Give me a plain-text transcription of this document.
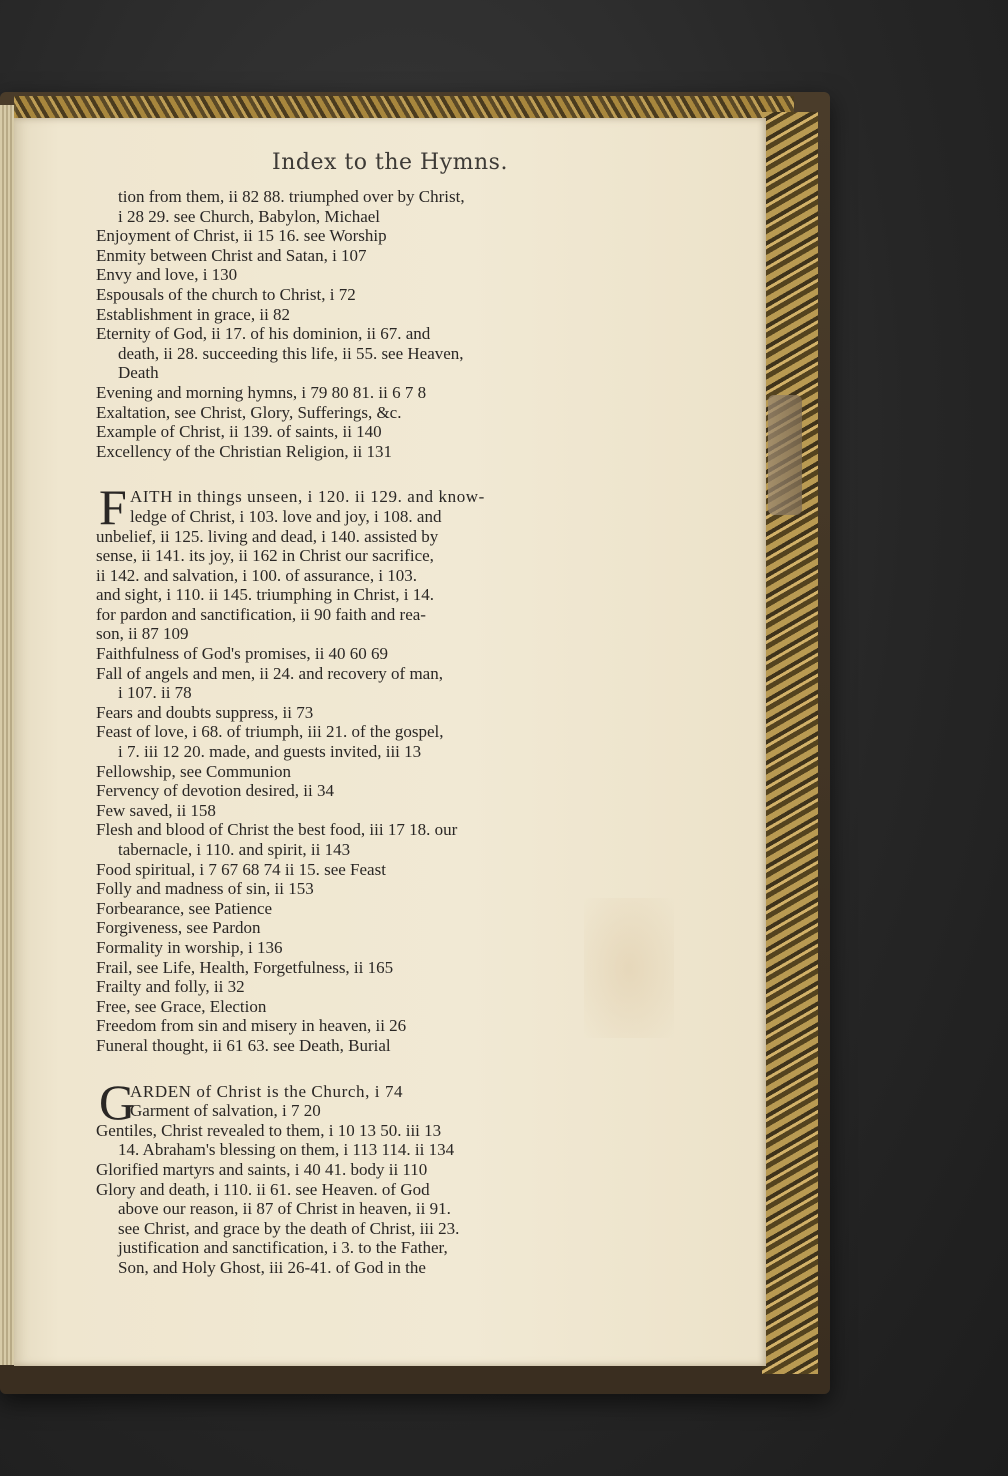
Index to the Hymns.
tion from them, ii 82 88. triumphed over by Christ,
i 28 29. see Church, Babylon, Michael
Enjoyment of Christ, ii 15 16. see Worship
Enmity between Christ and Satan, i 107
Envy and love, i 130
Espousals of the church to Christ, i 72
Establishment in grace, ii 82
Eternity of God, ii 17. of his dominion, ii 67. and
death, ii 28. succeeding this life, ii 55. see Heaven,
Death
Evening and morning hymns, i 79 80 81. ii 6 7 8
Exaltation, see Christ, Glory, Sufferings, &c.
Example of Christ, ii 139. of saints, ii 140
Excellency of the Christian Religion, ii 131
F AITH in things unseen, i 120. ii 129. and know-
ledge of Christ, i 103. love and joy, i 108. and
unbelief, ii 125. living and dead, i 140. assisted by
sense, ii 141. its joy, ii 162 in Christ our sacrifice,
ii 142. and salvation, i 100. of assurance, i 103.
and sight, i 110. ii 145. triumphing in Christ, i 14.
for pardon and sanctification, ii 90 faith and rea-
son, ii 87 109
Faithfulness of God's promises, ii 40 60 69
Fall of angels and men, ii 24. and recovery of man,
i 107. ii 78
Fears and doubts suppress, ii 73
Feast of love, i 68. of triumph, iii 21. of the gospel,
i 7. iii 12 20. made, and guests invited, iii 13
Fellowship, see Communion
Fervency of devotion desired, ii 34
Few saved, ii 158
Flesh and blood of Christ the best food, iii 17 18. our
tabernacle, i 110. and spirit, ii 143
Food spiritual, i 7 67 68 74 ii 15. see Feast
Folly and madness of sin, ii 153
Forbearance, see Patience
Forgiveness, see Pardon
Formality in worship, i 136
Frail, see Life, Health, Forgetfulness, ii 165
Frailty and folly, ii 32
Free, see Grace, Election
Freedom from sin and misery in heaven, ii 26
Funeral thought, ii 61 63. see Death, Burial
G
ARDEN of Christ is the Church, i 74
Garment of salvation, i 7 20
Gentiles, Christ revealed to them, i 10 13 50. iii 13
14. Abraham's blessing on them, i 113 114. ii 134
Glorified martyrs and saints, i 40 41. body ii 110
Glory and death, i 110. ii 61. see Heaven. of God
above our reason, ii 87 of Christ in heaven, ii 91.
see Christ, and grace by the death of Christ, iii 23.
justification and sanctification, i 3. to the Father,
Son, and Holy Ghost, iii 26-41. of God in the
